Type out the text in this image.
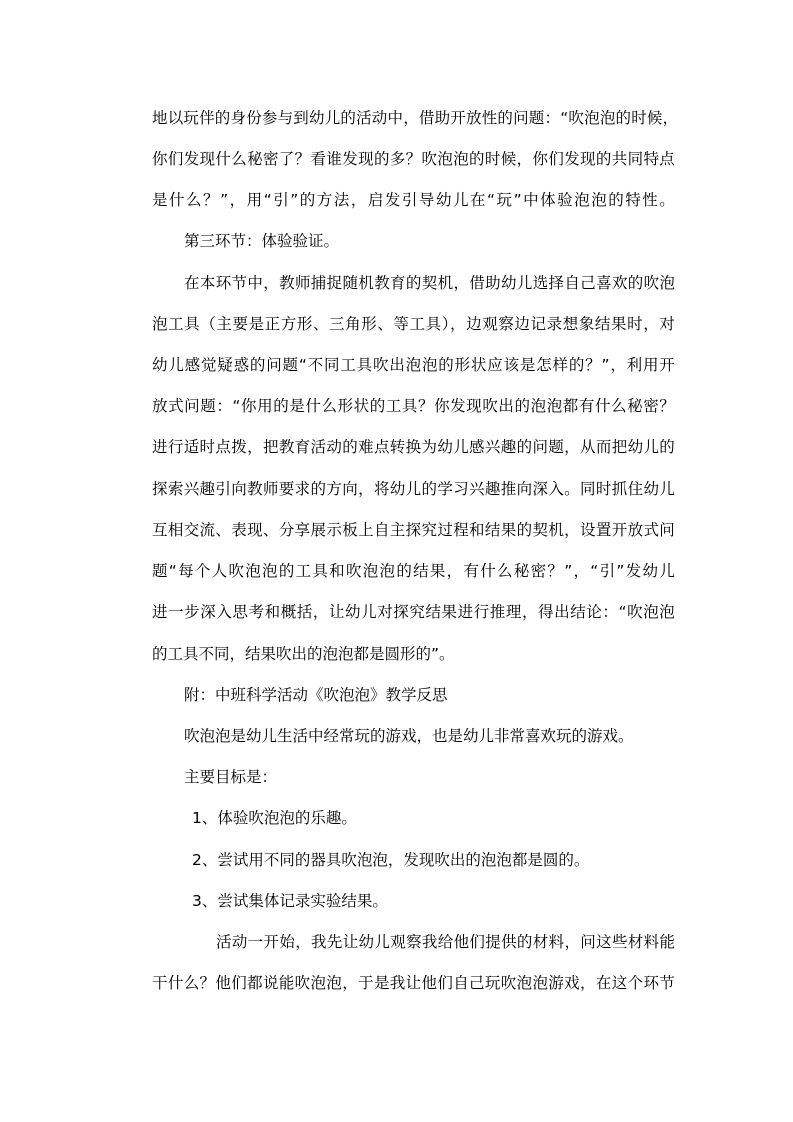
地以玩伴的身份参与到幼儿的活动中，借助开放性的问题：“吹泡泡的时候，
你们发现什么秘密了？看谁发现的多？吹泡泡的时候，你们发现的共同特点
是什么？”，用“引”的方法，启发引导幼儿在“玩”中体验泡泡的特性。
第三环节：体验验证。
在本环节中，教师捕捉随机教育的契机，借助幼儿选择自己喜欢的吹泡
泡工具（主要是正方形、三角形、等工具），边观察边记录想象结果时，对
幼儿感觉疑惑的问题“不同工具吹出泡泡的形状应该是怎样的？”，利用开
放式问题：“你用的是什么形状的工具？你发现吹出的泡泡都有什么秘密？
进行适时点拨，把教育活动的难点转换为幼儿感兴趣的问题，从而把幼儿的
探索兴趣引向教师要求的方向，将幼儿的学习兴趣推向深入。同时抓住幼儿
互相交流、表现、分享展示板上自主探究过程和结果的契机，设置开放式问
题“每个人吹泡泡的工具和吹泡泡的结果，有什么秘密？”，“引”发幼儿
进一步深入思考和概括，让幼儿对探究结果进行推理，得出结论：“吹泡泡
的工具不同，结果吹出的泡泡都是圆形的”。
附：中班科学活动《吹泡泡》教学反思
吹泡泡是幼儿生活中经常玩的游戏，也是幼儿非常喜欢玩的游戏。
主要目标是：
1、体验吹泡泡的乐趣。
2、尝试用不同的器具吹泡泡，发现吹出的泡泡都是圆的。
3、尝试集体记录实验结果。
活动一开始，我先让幼儿观察我给他们提供的材料，问这些材料能
干什么？他们都说能吹泡泡，于是我让他们自己玩吹泡泡游戏，在这个环节
